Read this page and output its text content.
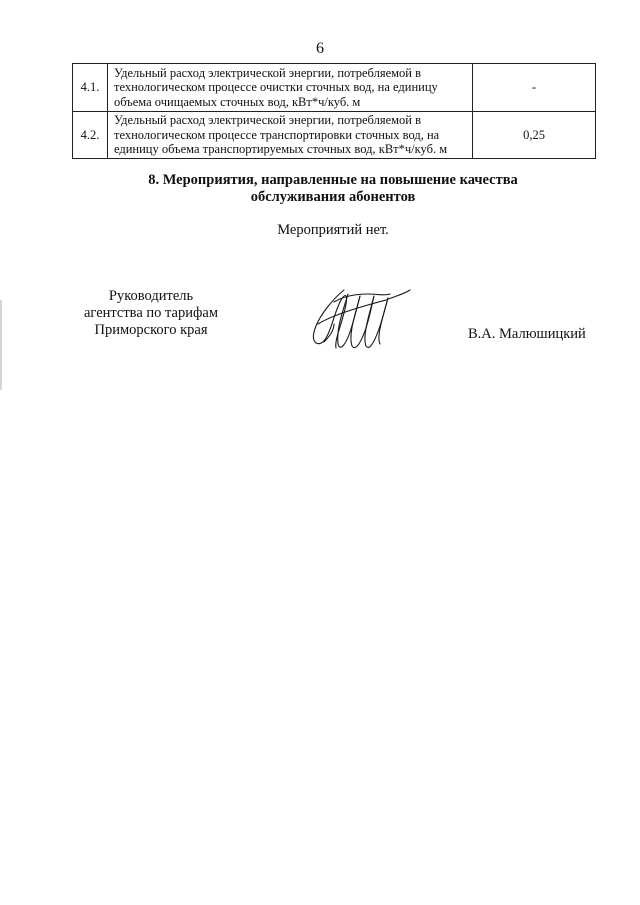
6
4.1.	Удельный расход электрической энергии, потребляемой в
технологическом процессе очистки сточных вод, на единицу
объема очищаемых сточных вод, кВт*ч/куб. м	-
4.2.	Удельный расход электрической энергии, потребляемой в
технологическом процессе транспортировки сточных вод, на
единицу объема транспортируемых сточных вод, кВт*ч/куб. м	0,25
8. Мероприятия, направленные на повышение качества
обслуживания абонентов
Мероприятий нет.
Руководитель
агентства по тарифам
Приморского края	В.А. Малюшицкий
